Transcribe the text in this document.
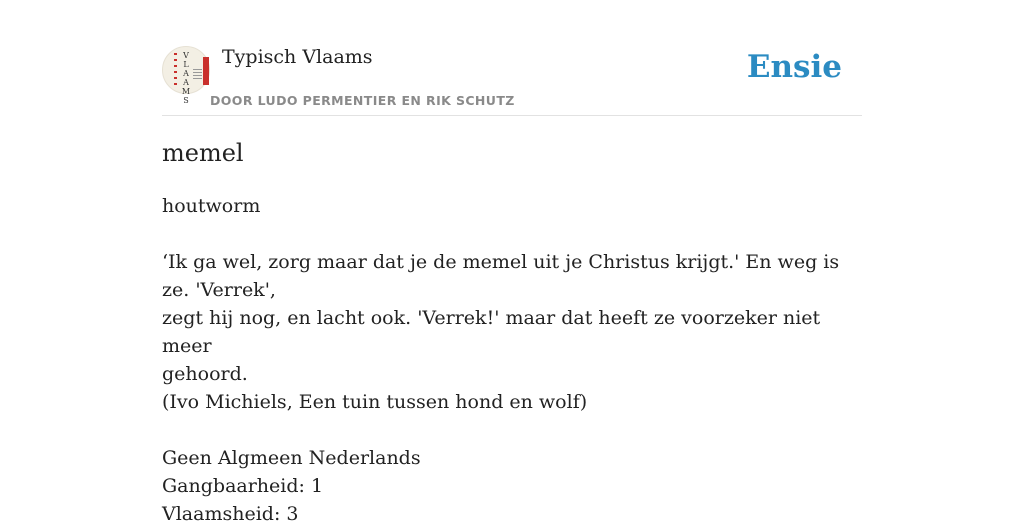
V L A A M S
Typisch Vlaams
DOOR LUDO PERMENTIER EN RIK SCHUTZ
Ensie
memel

houtworm

‘Ik ga wel, zorg maar dat je de memel uit je Christus krijgt.' En weg is ze. 'Verrek',

zegt hij nog, en lacht ook. 'Verrek!' maar dat heeft ze voorzeker niet meer

gehoord.

(Ivo Michiels, Een tuin tussen hond en wolf)

Geen Algmeen Nederlands

Gangbaarheid: 1

Vlaamsheid: 3
